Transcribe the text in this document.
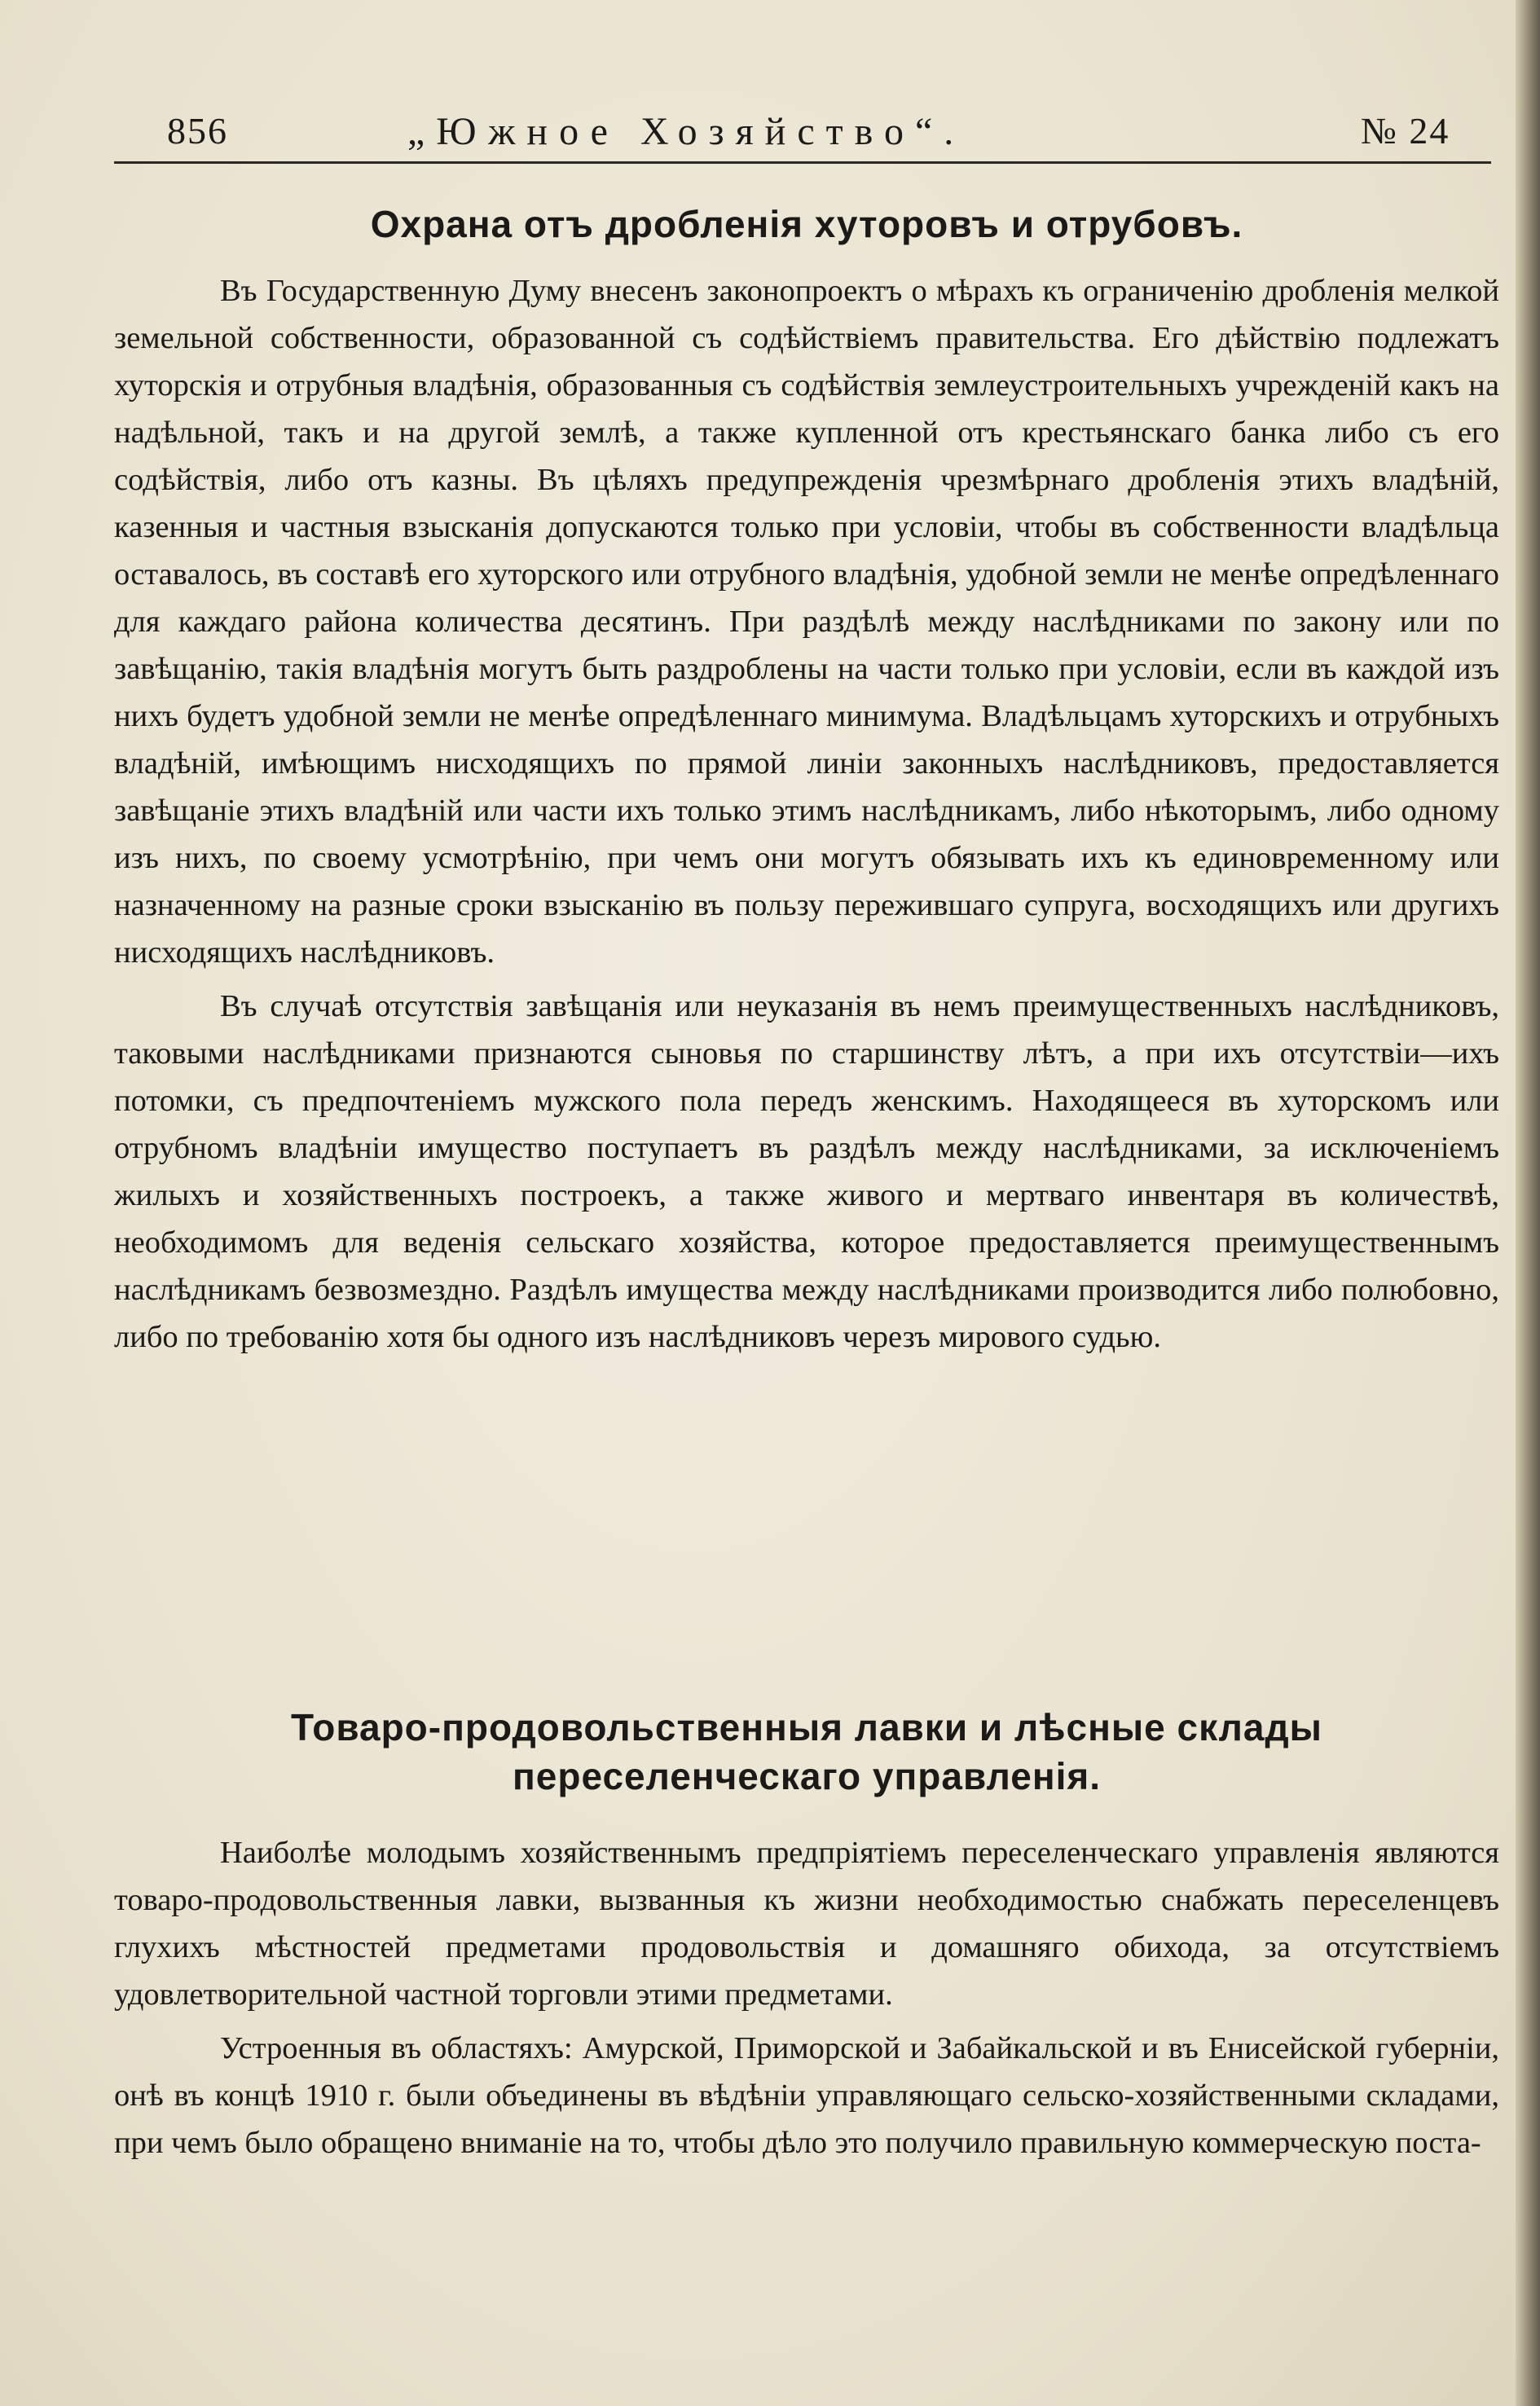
856	„Южное Хозяйство“.	№ 24
Охрана отъ дробленія хуторовъ и отрубовъ.

Въ Государственную Думу внесенъ законопроектъ о мѣрахъ къ ограниченію дробленія мелкой земельной собственности, образованной съ содѣйствіемъ правительства. Его дѣйствію подлежатъ хуторскія и отрубныя владѣнія, образованныя съ содѣйствія землеустроительныхъ учрежденій какъ на надѣльной, такъ и на другой землѣ, а также купленной отъ крестьянскаго банка либо съ его содѣйствія, либо отъ казны. Въ цѣляхъ предупрежденія чрезмѣрнаго дробленія этихъ владѣній, казенныя и частныя взысканія допускаются только при условіи, чтобы въ собственности владѣльца оставалось, въ составѣ его хуторского или отрубного владѣнія, удобной земли не менѣе опредѣленнаго для каждаго района количества десятинъ. При раздѣлѣ между наслѣдниками по закону или по завѣщанію, такія владѣнія могутъ быть раздроблены на части только при условіи, если въ каждой изъ нихъ будетъ удобной земли не менѣе опредѣленнаго минимума. Владѣльцамъ хуторскихъ и отрубныхъ владѣній, имѣющимъ нисходящихъ по прямой линіи законныхъ наслѣдниковъ, предоставляется завѣщаніе этихъ владѣній или части ихъ только этимъ наслѣдникамъ, либо нѣкоторымъ, либо одному изъ нихъ, по своему усмотрѣнію, при чемъ они могутъ обязывать ихъ къ единовременному или назначенному на разные сроки взысканію въ пользу пережившаго супруга, восходящихъ или другихъ нисходящихъ наслѣдниковъ.

Въ случаѣ отсутствія завѣщанія или неуказанія въ немъ преимущественныхъ наслѣдниковъ, таковыми наслѣдниками признаются сыновья по старшинству лѣтъ, а при ихъ отсутствіи—ихъ потомки, съ предпочтеніемъ мужского пола передъ женскимъ. Находящееся въ хуторскомъ или отрубномъ владѣніи имущество поступаетъ въ раздѣлъ между наслѣдниками, за исключеніемъ жилыхъ и хозяйственныхъ построекъ, а также живого и мертваго инвентаря въ количествѣ, необходимомъ для веденія сельскаго хозяйства, которое предоставляется преимущественнымъ наслѣдникамъ безвозмездно. Раздѣлъ имущества между наслѣдниками производится либо полюбовно, либо по требованію хотя бы одного изъ наслѣдниковъ черезъ мирового судью.

Товаро-продовольственныя лавки и лѣсные склады переселенческаго управленія.

Наиболѣе молодымъ хозяйственнымъ предпріятіемъ переселенческаго управленія являются товаро-продовольственныя лавки, вызванныя къ жизни необходимостью снабжать переселенцевъ глухихъ мѣстностей предметами продовольствія и домашняго обихода, за отсутствіемъ удовлетворительной частной торговли этими предметами.

Устроенныя въ областяхъ: Амурской, Приморской и Забайкальской и въ Енисейской губерніи, онѣ въ концѣ 1910 г. были объединены въ вѣдѣніи управляющаго сельско-хозяйственными складами, при чемъ было обращено вниманіе на то, чтобы дѣло это получило правильную коммерческую поста-
